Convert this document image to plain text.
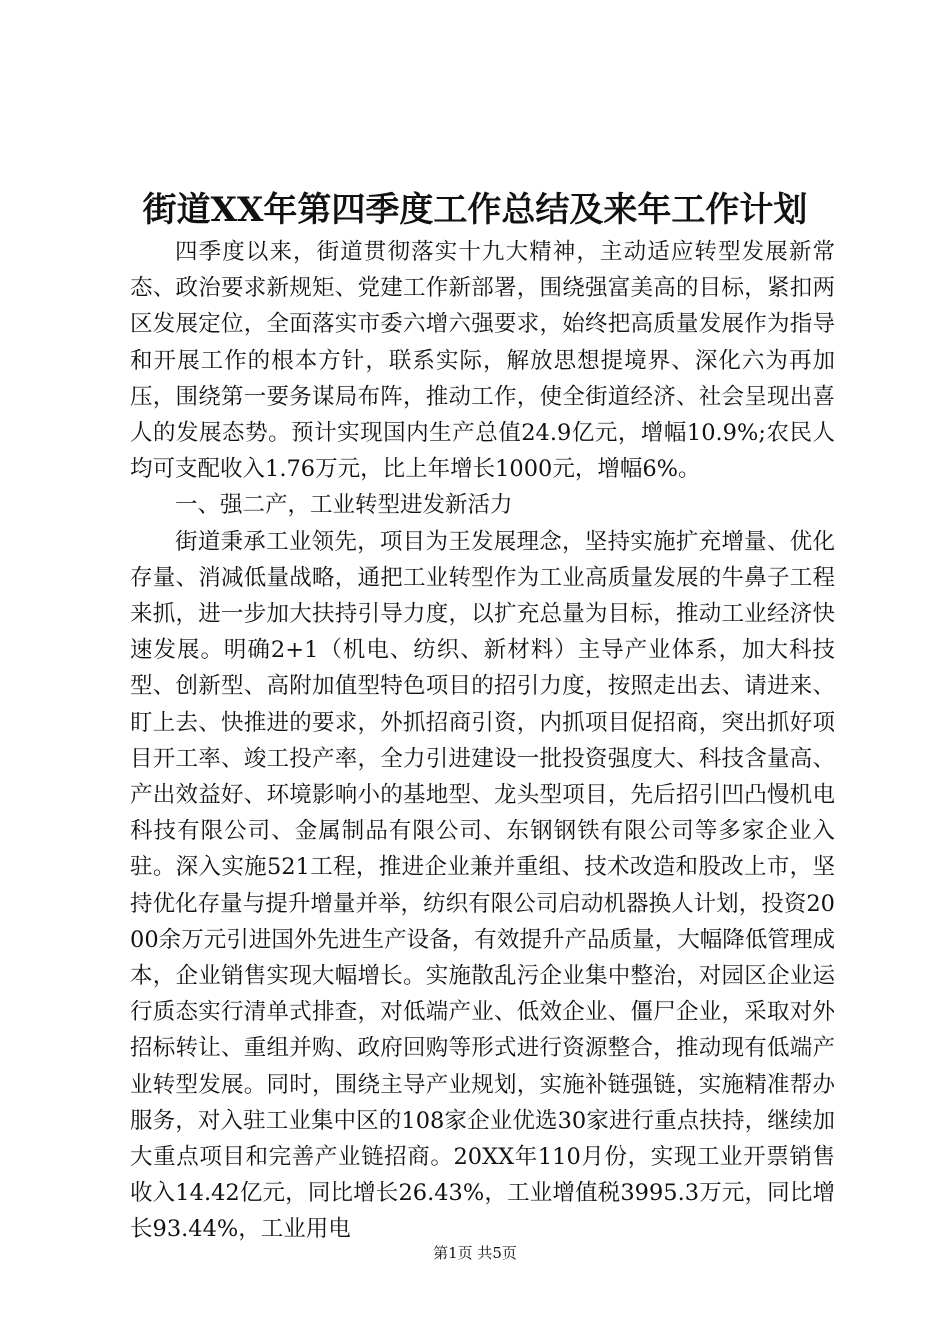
街道XX年第四季度工作总结及来年工作计划

四季度以来，街道贯彻落实十九大精神，主动适应转型发展新常态、政治要求新规矩、党建工作新部署，围绕强富美高的目标，紧扣两区发展定位，全面落实市委六增六强要求，始终把高质量发展作为指导和开展工作的根本方针，联系实际，解放思想提境界、深化六为再加压，围绕第一要务谋局布阵，推动工作，使全街道经济、社会呈现出喜人的发展态势。预计实现国内生产总值24.9亿元，增幅10.9%;农民人均可支配收入1.76万元，比上年增长1000元，增幅6%。

一、强二产，工业转型进发新活力

街道秉承工业领先，项目为王发展理念，坚持实施扩充增量、优化存量、消减低量战略，通把工业转型作为工业高质量发展的牛鼻子工程来抓，进一步加大扶持引导力度，以扩充总量为目标，推动工业经济快速发展。明确2+1（机电、纺织、新材料）主导产业体系，加大科技型、创新型、高附加值型特色项目的招引力度，按照走出去、请进来、盯上去、快推进的要求，外抓招商引资，内抓项目促招商，突出抓好项目开工率、竣工投产率，全力引进建设一批投资强度大、科技含量高、产出效益好、环境影响小的基地型、龙头型项目，先后招引凹凸慢机电科技有限公司、金属制品有限公司、东钢钢铁有限公司等多家企业入驻。深入实施521工程，推进企业兼并重组、技术改造和股改上市，坚持优化存量与提升增量并举，纺织有限公司启动机器换人计划，投资2000余万元引进国外先进生产设备，有效提升产品质量，大幅降低管理成本，企业销售实现大幅增长。实施散乱污企业集中整治，对园区企业运行质态实行清单式排查，对低端产业、低效企业、僵尸企业，采取对外招标转让、重组并购、政府回购等形式进行资源整合，推动现有低端产业转型发展。同时，围绕主导产业规划，实施补链强链，实施精准帮办服务，对入驻工业集中区的108家企业优选30家进行重点扶持，继续加大重点项目和完善产业链招商。20XX年110月份，实现工业开票销售收入14.42亿元，同比增长26.43%，工业增值税3995.3万元，同比增长93.44%，工业用电

第1页 共5页
